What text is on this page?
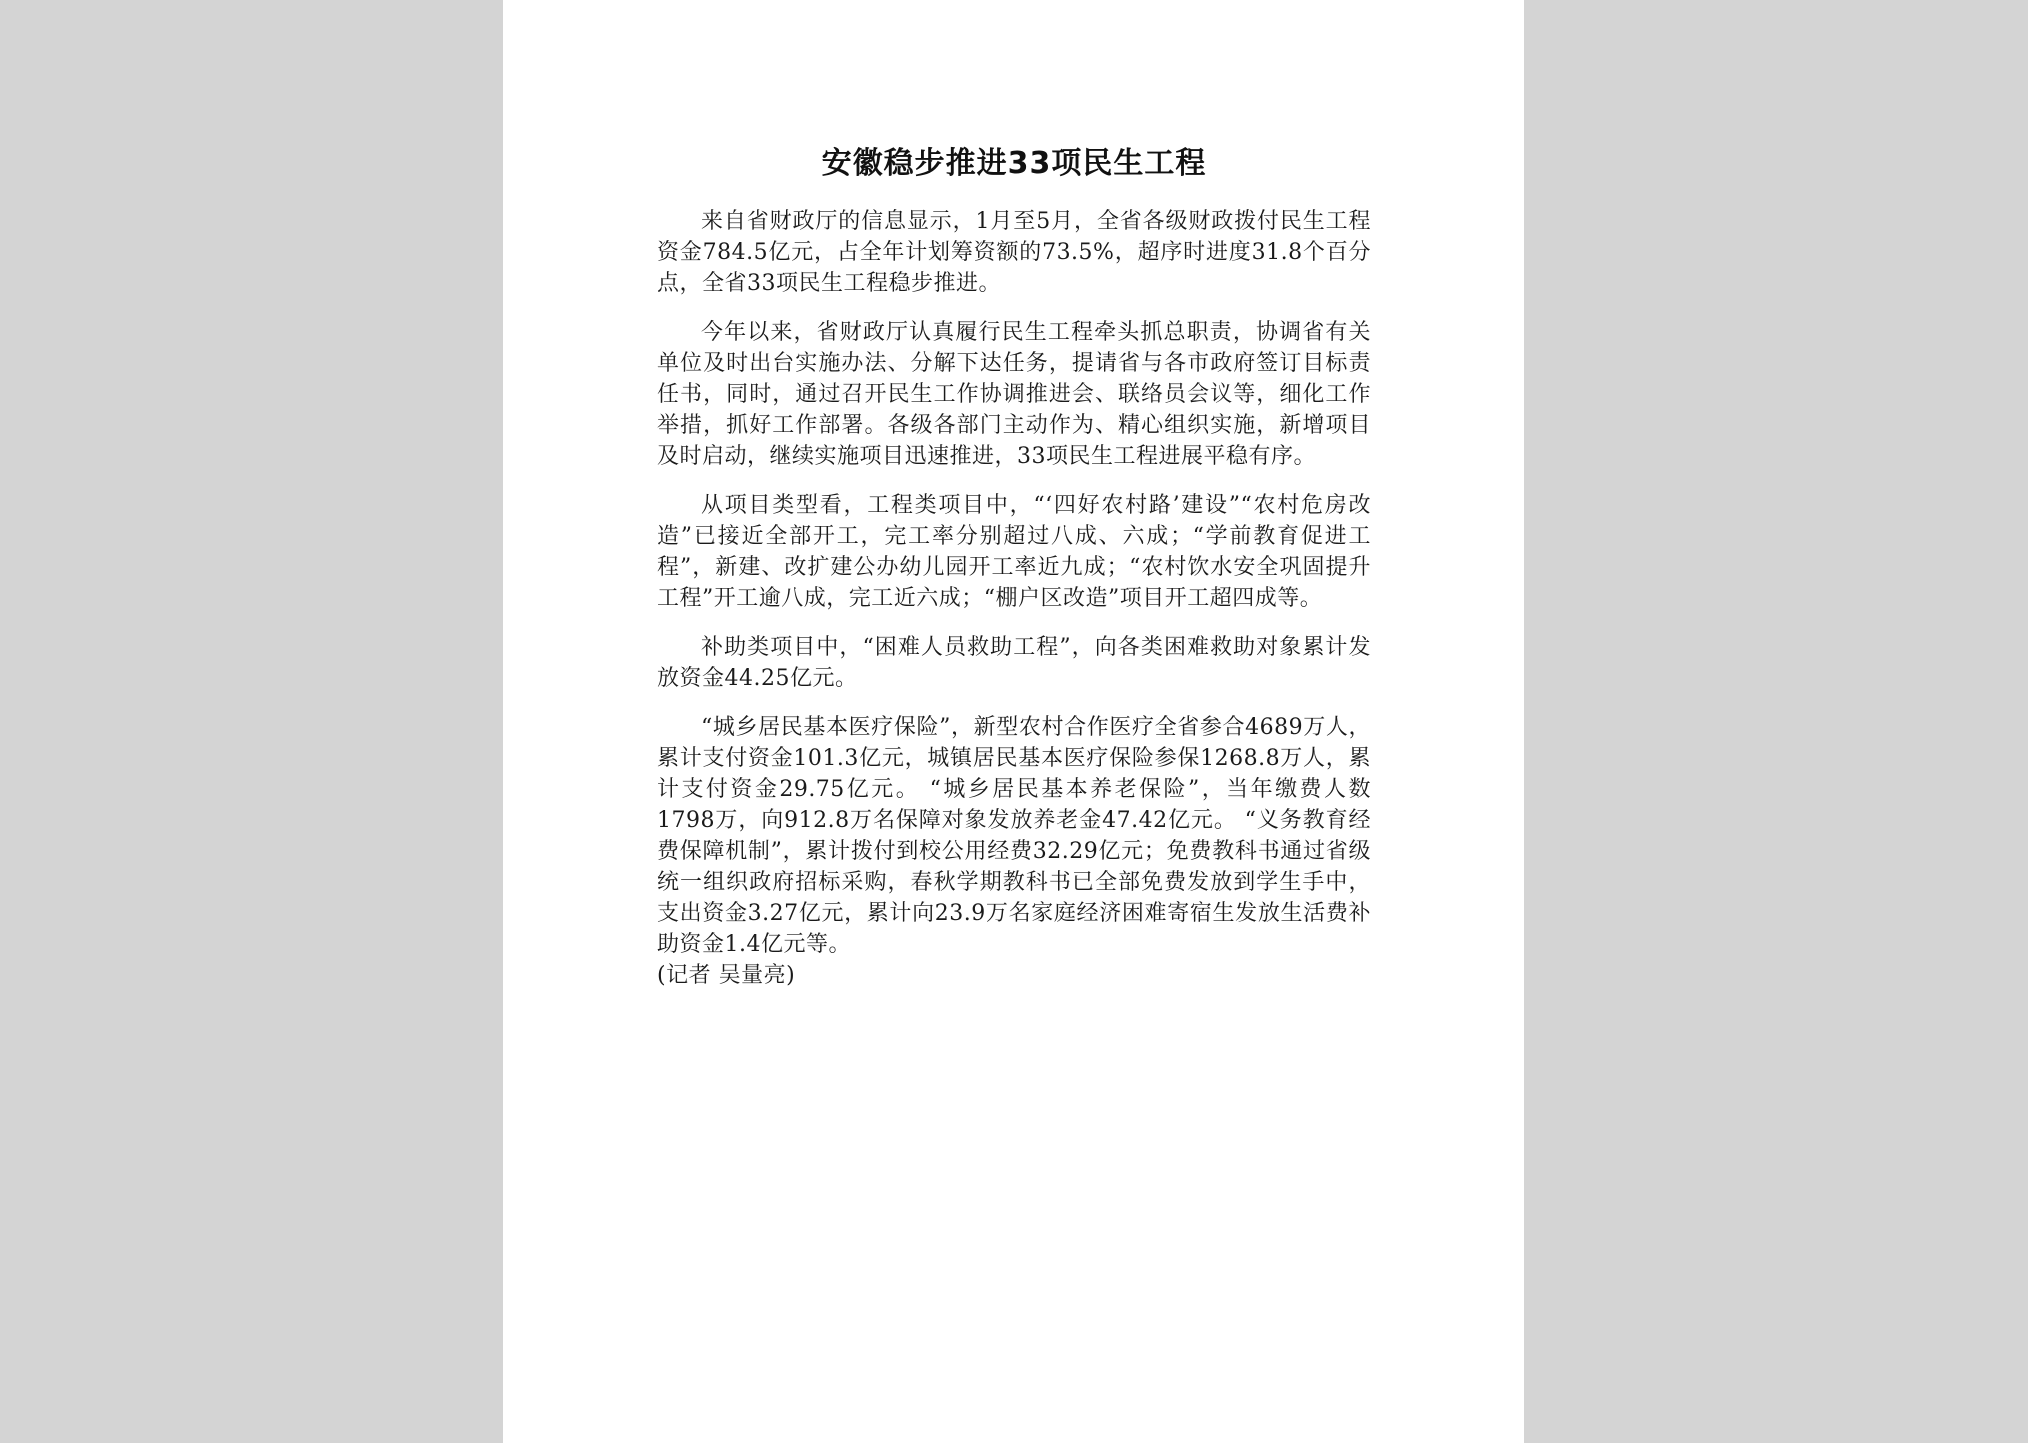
安徽稳步推进33项民生工程

来自省财政厅的信息显示，1月至5月，全省各级财政拨付民生工程资金784.5亿元，占全年计划筹资额的73.5%，超序时进度31.8个百分点，全省33项民生工程稳步推进。

今年以来，省财政厅认真履行民生工程牵头抓总职责，协调省有关单位及时出台实施办法、分解下达任务，提请省与各市政府签订目标责任书，同时，通过召开民生工作协调推进会、联络员会议等，细化工作举措，抓好工作部署。各级各部门主动作为、精心组织实施，新增项目及时启动，继续实施项目迅速推进，33项民生工程进展平稳有序。

从项目类型看，工程类项目中，“‘四好农村路’建设”“农村危房改造”已接近全部开工，完工率分别超过八成、六成；“学前教育促进工程”，新建、改扩建公办幼儿园开工率近九成；“农村饮水安全巩固提升工程”开工逾八成，完工近六成；“棚户区改造”项目开工超四成等。

补助类项目中，“困难人员救助工程”，向各类困难救助对象累计发放资金44.25亿元。

“城乡居民基本医疗保险”，新型农村合作医疗全省参合4689万人，累计支付资金101.3亿元，城镇居民基本医疗保险参保1268.8万人，累计支付资金29.75亿元。 “城乡居民基本养老保险”，当年缴费人数1798万，向912.8万名保障对象发放养老金47.42亿元。 “义务教育经费保障机制”，累计拨付到校公用经费32.29亿元；免费教科书通过省级统一组织政府招标采购，春秋学期教科书已全部免费发放到学生手中，支出资金3.27亿元，累计向23.9万名家庭经济困难寄宿生发放生活费补助资金1.4亿元等。

(记者 吴量亮)
